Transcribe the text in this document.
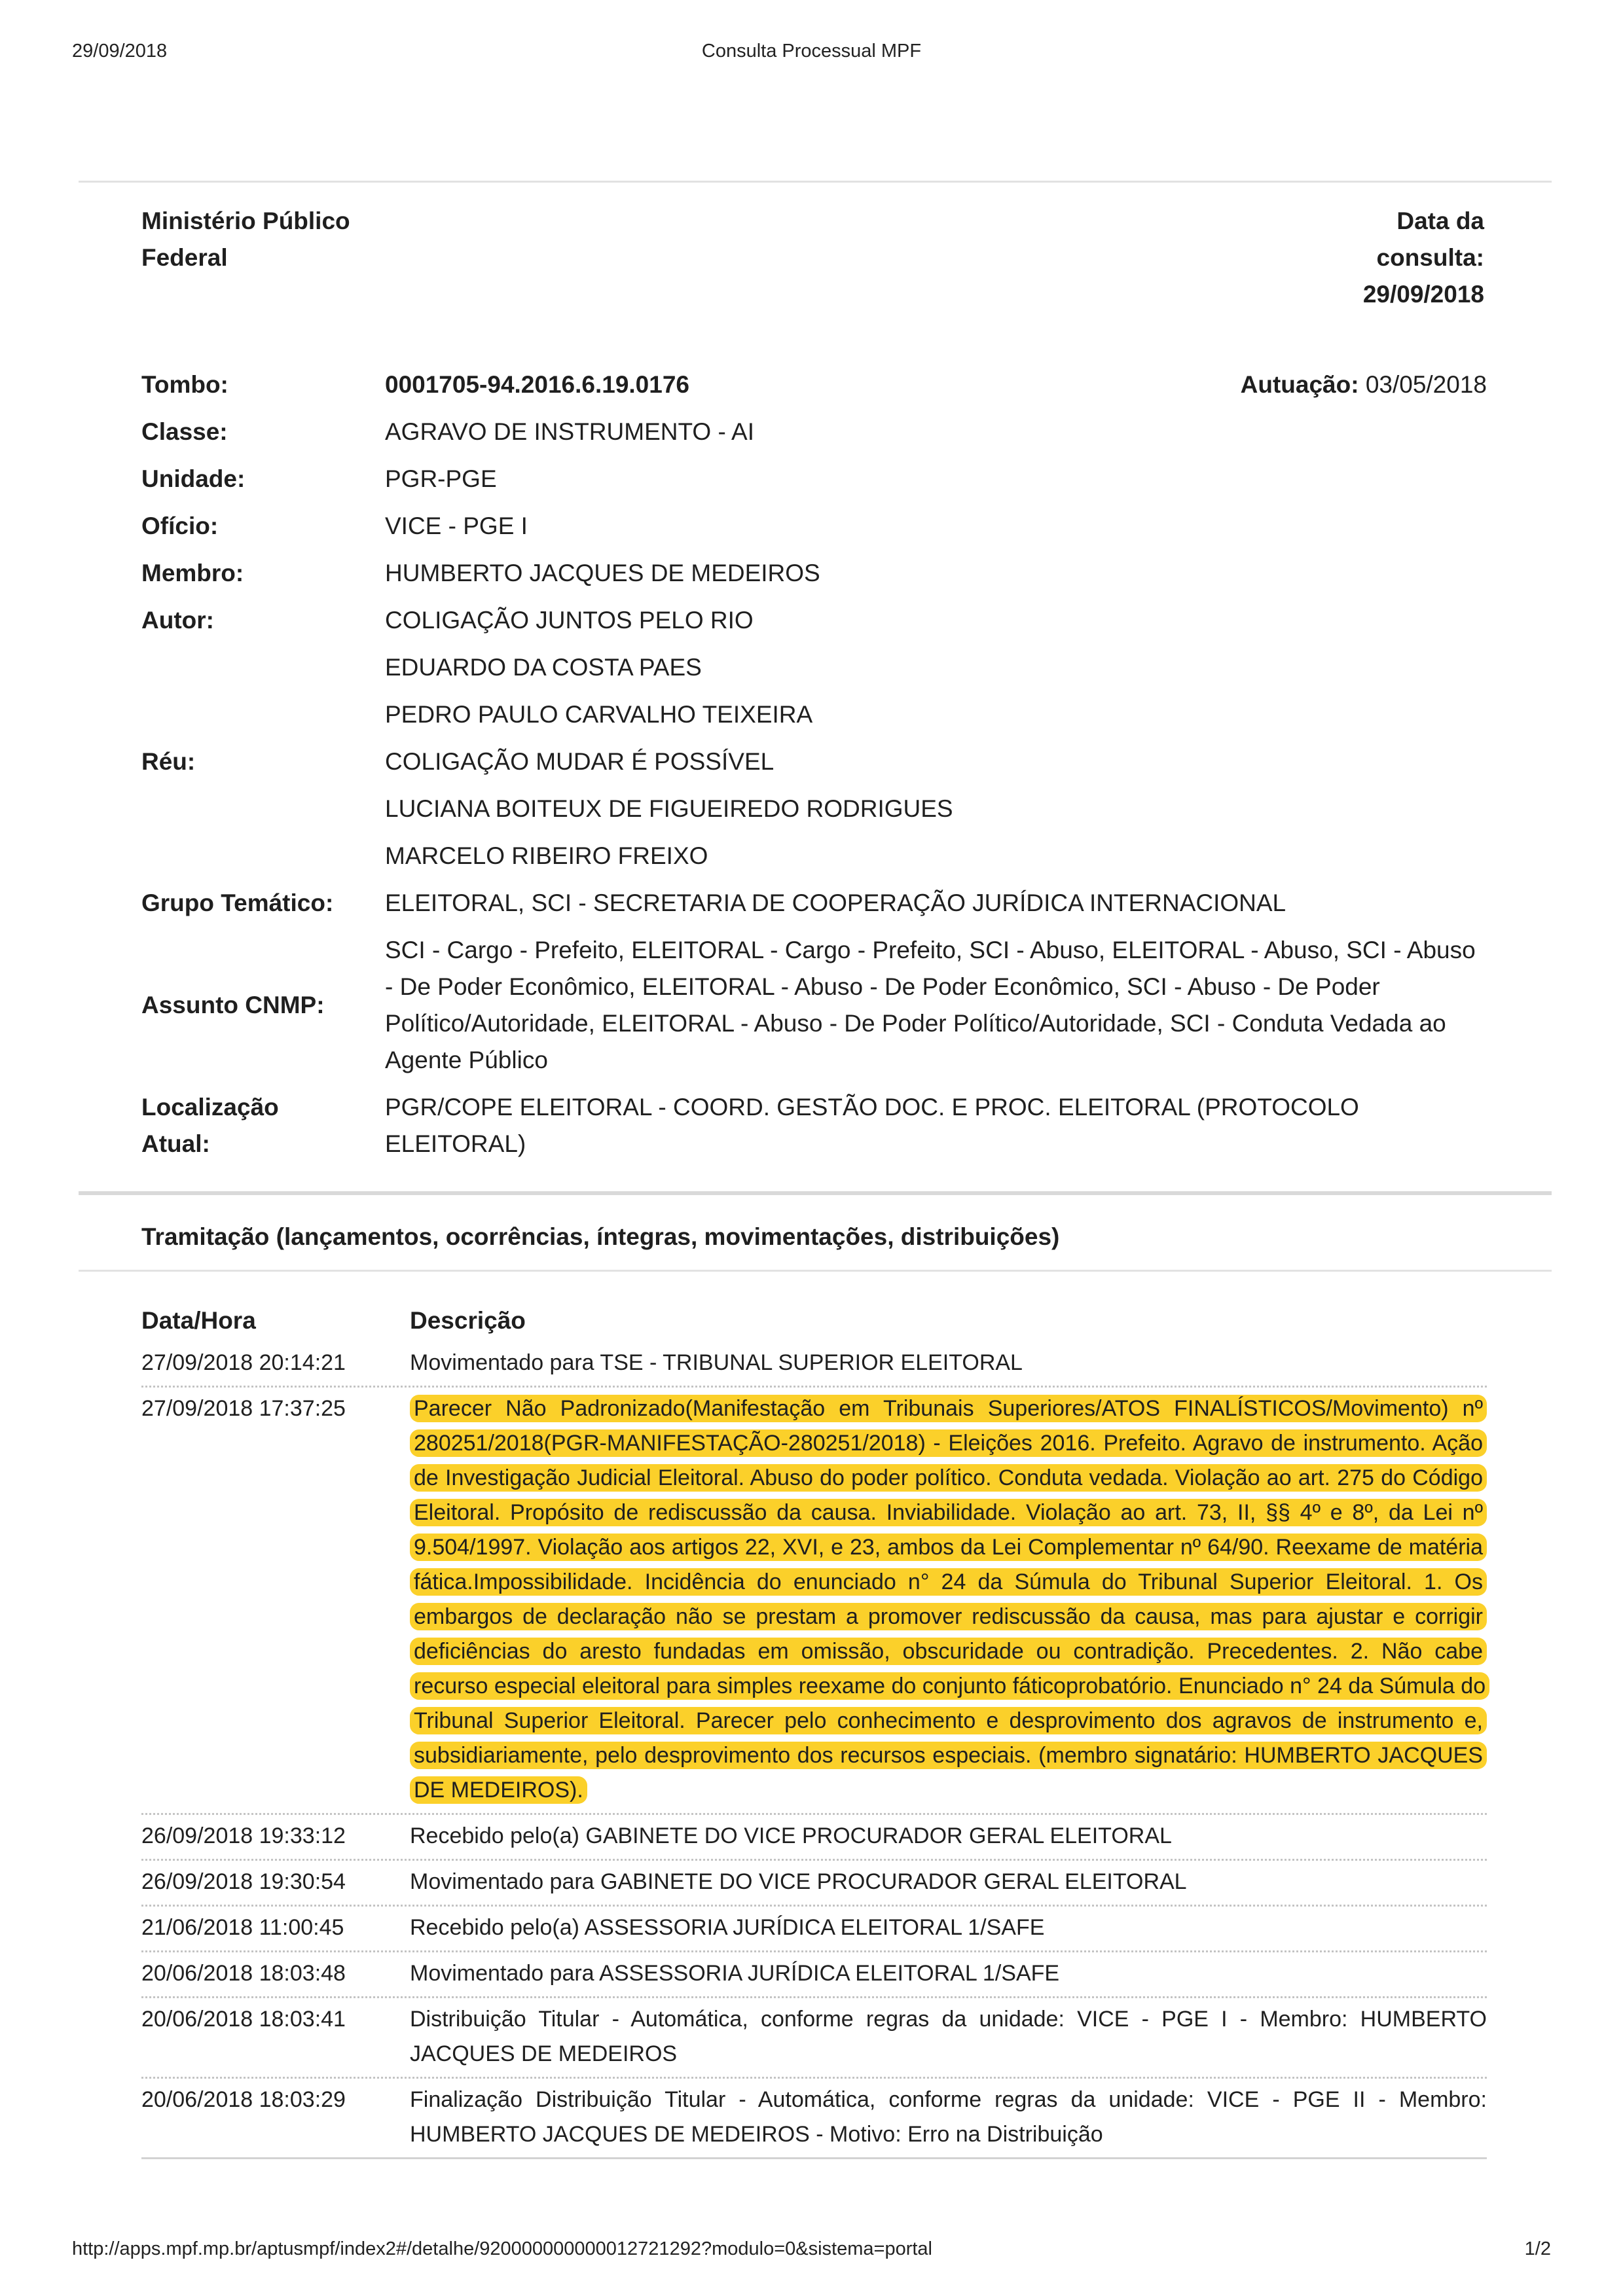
29/09/2018	Consulta Processual MPF
Ministério Público
Federal
Data da
consulta:
29/09/2018
Tombo:	0001705-94.2016.6.19.0176	Autuação: 03/05/2018
Classe:	AGRAVO DE INSTRUMENTO - AI
Unidade:	PGR-PGE
Ofício:	VICE - PGE I
Membro:	HUMBERTO JACQUES DE MEDEIROS
Autor:	COLIGAÇÃO JUNTOS PELO RIO
EDUARDO DA COSTA PAES
PEDRO PAULO CARVALHO TEIXEIRA
Réu:	COLIGAÇÃO MUDAR É POSSÍVEL
LUCIANA BOITEUX DE FIGUEIREDO RODRIGUES
MARCELO RIBEIRO FREIXO
Grupo Temático:	ELEITORAL, SCI - SECRETARIA DE COOPERAÇÃO JURÍDICA INTERNACIONAL
Assunto CNMP:
SCI - Cargo - Prefeito, ELEITORAL - Cargo - Prefeito, SCI - Abuso, ELEITORAL - Abuso, SCI - Abuso - De Poder Econômico, ELEITORAL - Abuso - De Poder Econômico, SCI - Abuso - De Poder Político/Autoridade, ELEITORAL - Abuso - De Poder Político/Autoridade, SCI - Conduta Vedada ao Agente Público
Localização
Atual:
PGR/COPE ELEITORAL - COORD. GESTÃO DOC. E PROC. ELEITORAL (PROTOCOLO ELEITORAL)
Tramitação (lançamentos, ocorrências, íntegras, movimentações, distribuições)
Data/Hora	Descrição
27/09/2018 20:14:21	Movimentado para TSE - TRIBUNAL SUPERIOR ELEITORAL
27/09/2018 17:37:25	Parecer Não Padronizado(Manifestação em Tribunais Superiores/ATOS FINALÍSTICOS/Movimento) nº 280251/2018(PGR-MANIFESTAÇÃO-280251/2018) - Eleições 2016. Prefeito. Agravo de instrumento. Ação de Investigação Judicial Eleitoral. Abuso do poder político. Conduta vedada. Violação ao art. 275 do Código Eleitoral. Propósito de rediscussão da causa. Inviabilidade. Violação ao art. 73, II, §§ 4º e 8º, da Lei nº 9.504/1997. Violação aos artigos 22, XVI, e 23, ambos da Lei Complementar nº 64/90. Reexame de matéria fática.Impossibilidade. Incidência do enunciado n° 24 da Súmula do Tribunal Superior Eleitoral. 1. Os embargos de declaração não se prestam a promover rediscussão da causa, mas para ajustar e corrigir deficiências do aresto fundadas em omissão, obscuridade ou contradição. Precedentes. 2. Não cabe recurso especial eleitoral para simples reexame do conjunto fáticoprobatório. Enunciado n° 24 da Súmula do Tribunal Superior Eleitoral. Parecer pelo conhecimento e desprovimento dos agravos de instrumento e, subsidiariamente, pelo desprovimento dos recursos especiais. (membro signatário: HUMBERTO JACQUES DE MEDEIROS).
26/09/2018 19:33:12	Recebido pelo(a) GABINETE DO VICE PROCURADOR GERAL ELEITORAL
26/09/2018 19:30:54	Movimentado para GABINETE DO VICE PROCURADOR GERAL ELEITORAL
21/06/2018 11:00:45	Recebido pelo(a) ASSESSORIA JURÍDICA ELEITORAL 1/SAFE
20/06/2018 18:03:48	Movimentado para ASSESSORIA JURÍDICA ELEITORAL 1/SAFE
20/06/2018 18:03:41	Distribuição Titular - Automática, conforme regras da unidade: VICE - PGE I - Membro: HUMBERTO JACQUES DE MEDEIROS
20/06/2018 18:03:29	Finalização Distribuição Titular - Automática, conforme regras da unidade: VICE - PGE II - Membro: HUMBERTO JACQUES DE MEDEIROS - Motivo: Erro na Distribuição
http://apps.mpf.mp.br/aptusmpf/index2#/detalhe/920000000000012721292?modulo=0&sistema=portal	1/2
